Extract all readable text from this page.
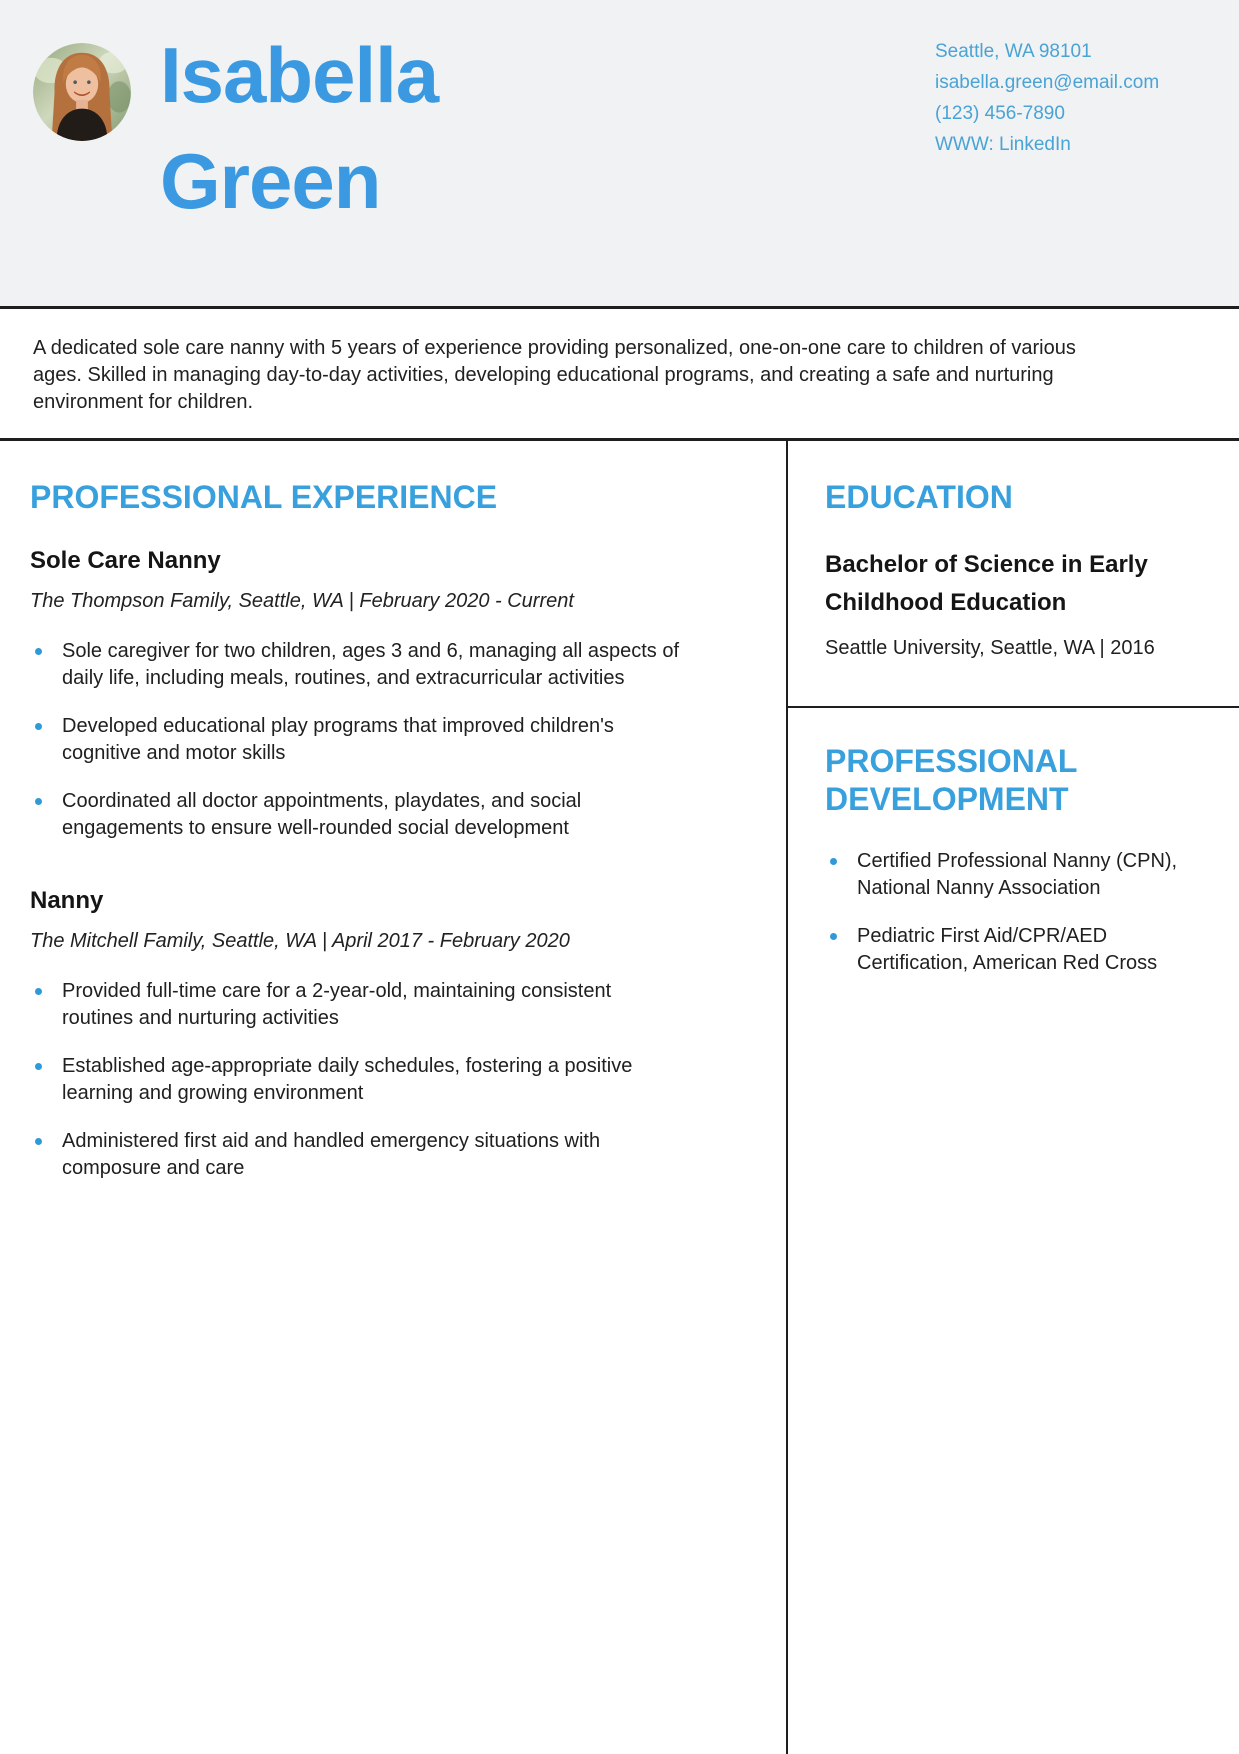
Isabella Green
Seattle, WA 98101
isabella.green@email.com
(123) 456-7890
WWW: LinkedIn

A dedicated sole care nanny with 5 years of experience providing personalized, one-on-one care to children of various ages. Skilled in managing day-to-day activities, developing educational programs, and creating a safe and nurturing environment for children.

PROFESSIONAL EXPERIENCE
Sole Care Nanny

The Thompson Family, Seattle, WA | February 2020 - Current

Sole caregiver for two children, ages 3 and 6, managing all aspects of daily life, including meals, routines, and extracurricular activities
Developed educational play programs that improved children's cognitive and motor skills
Coordinated all doctor appointments, playdates, and social engagements to ensure well-rounded social development
Nanny

The Mitchell Family, Seattle, WA | April 2017 - February 2020

Provided full-time care for a 2-year-old, maintaining consistent routines and nurturing activities
Established age-appropriate daily schedules, fostering a positive learning and growing environment
Administered first aid and handled emergency situations with composure and care
EDUCATION
Bachelor of Science in Early Childhood Education

Seattle University, Seattle, WA | 2016

PROFESSIONAL DEVELOPMENT
Certified Professional Nanny (CPN), National Nanny Association
Pediatric First Aid/CPR/AED Certification, American Red Cross
